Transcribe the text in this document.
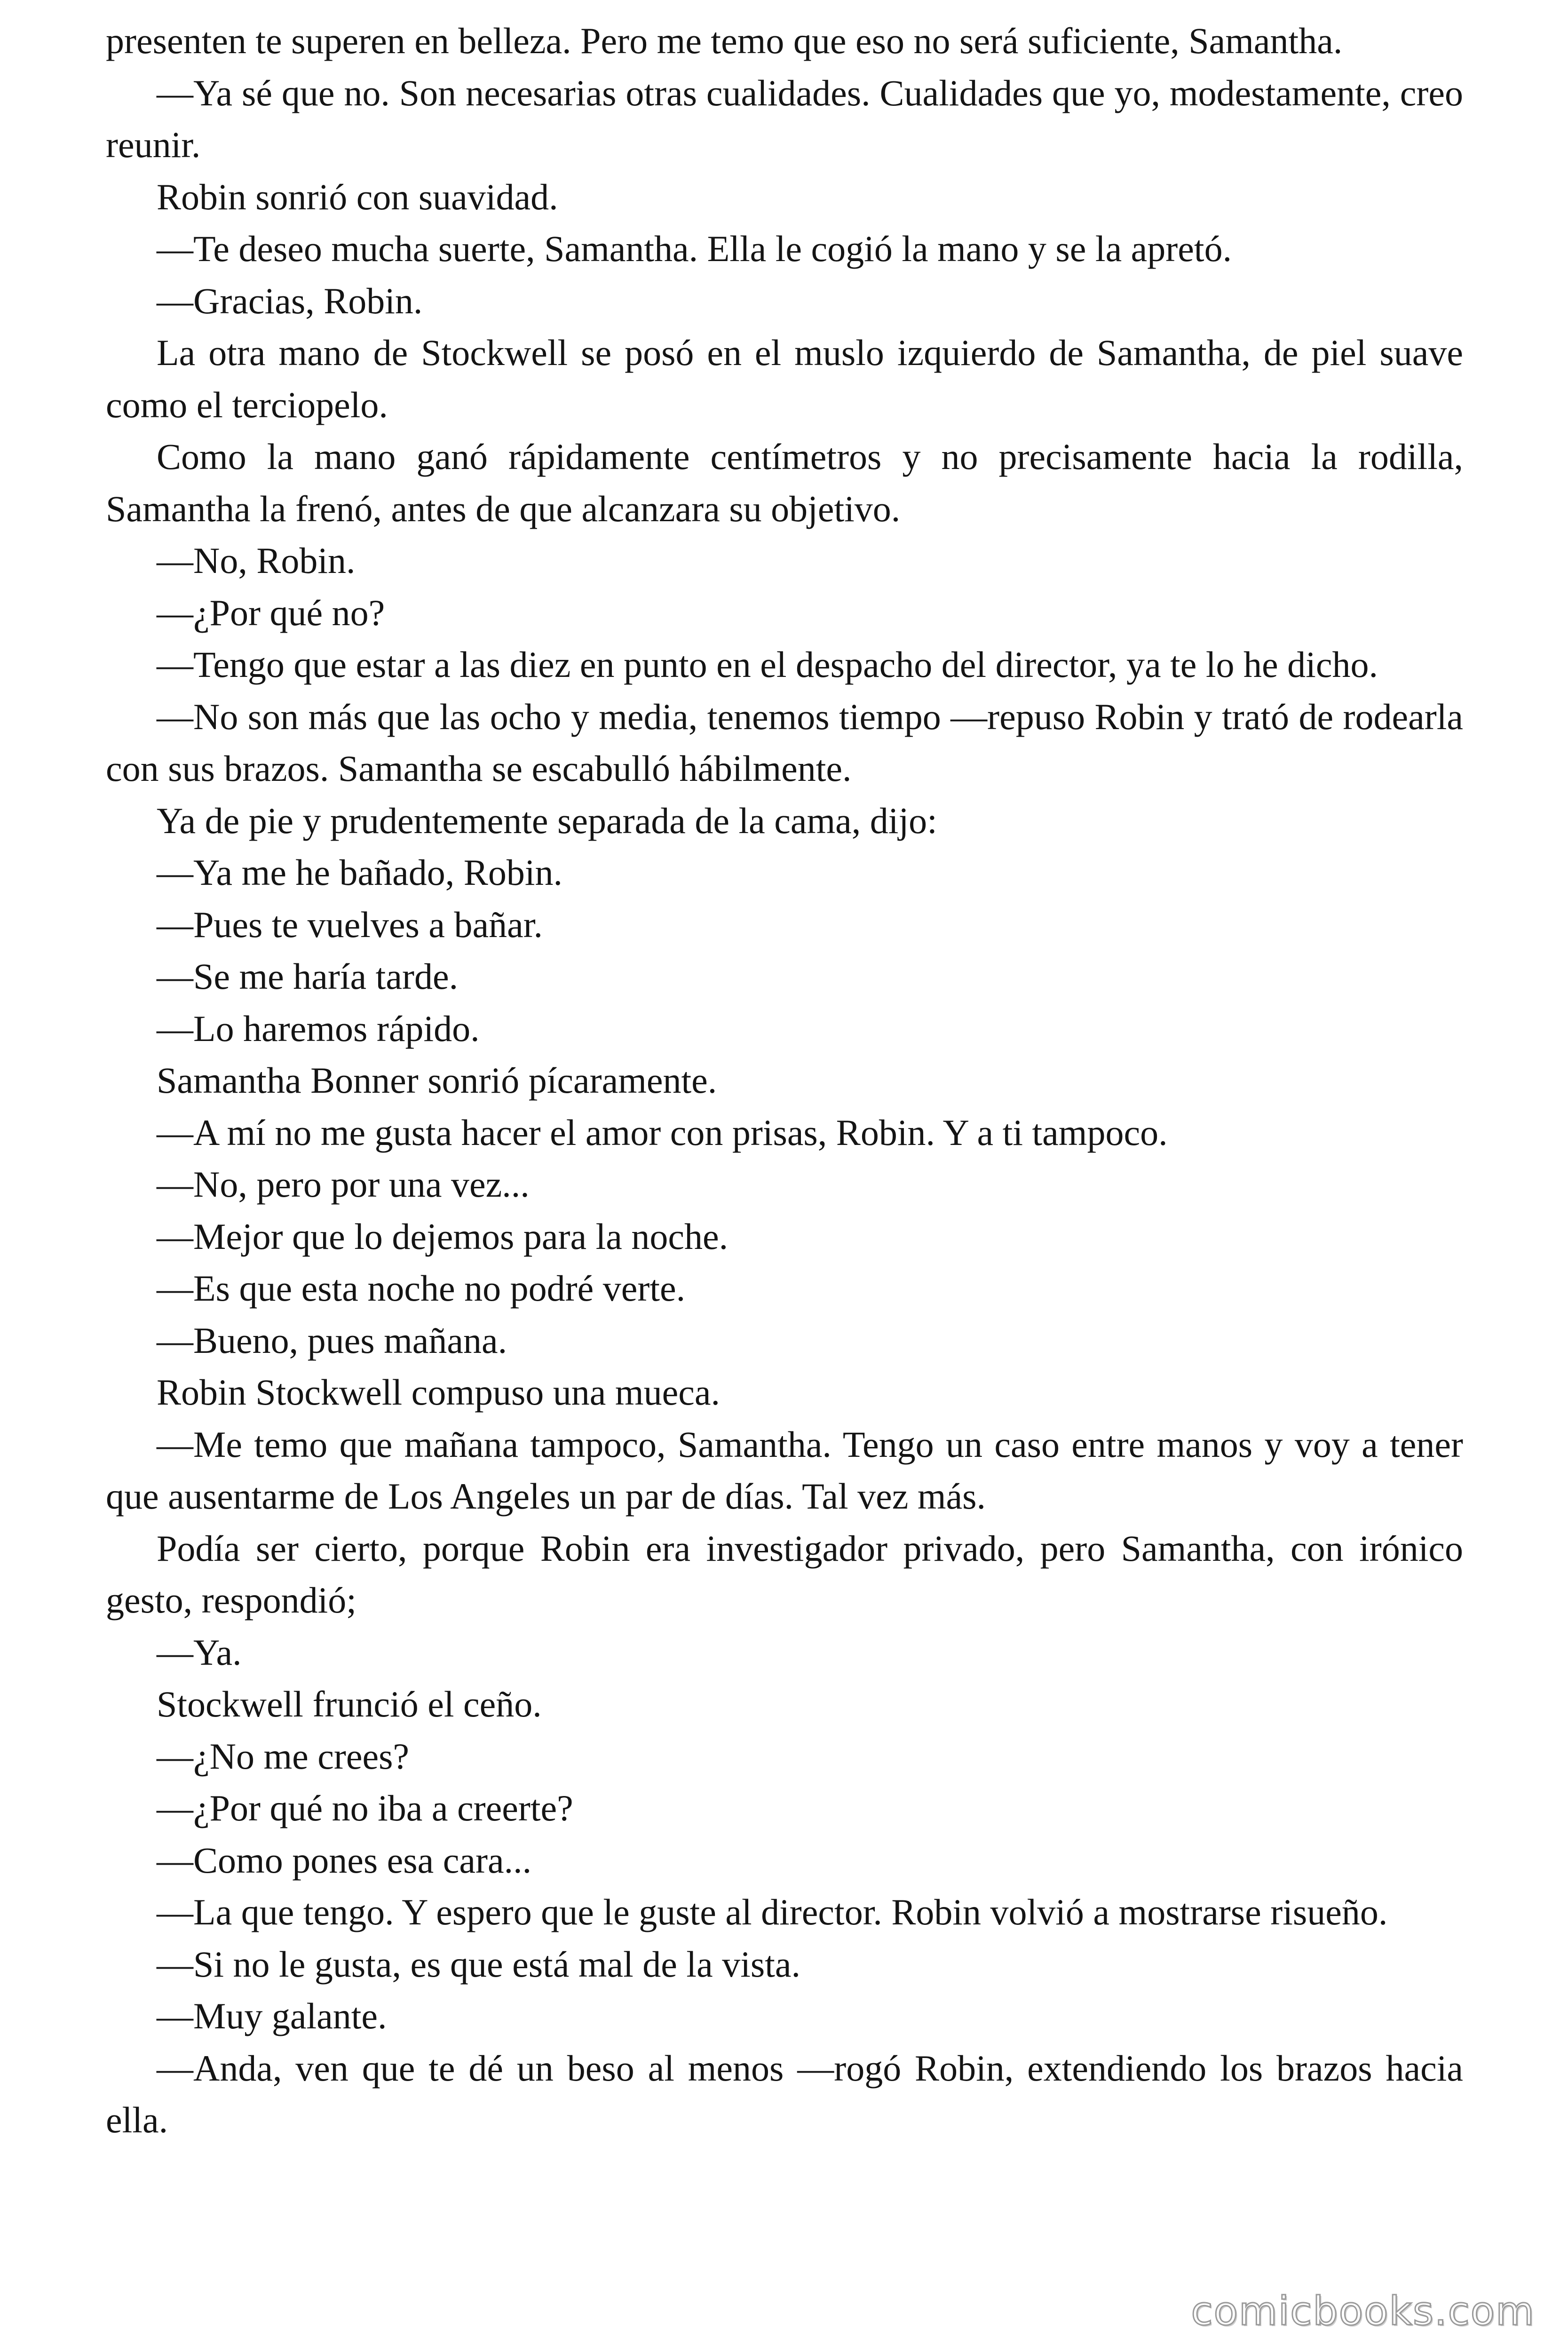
presenten te superen en belleza. Pero me temo que eso no será suficiente, Samantha.

—Ya sé que no. Son necesarias otras cualidades. Cualidades que yo, modestamente, creo reunir.

Robin sonrió con suavidad.

—Te deseo mucha suerte, Samantha. Ella le cogió la mano y se la apretó.

—Gracias, Robin.

La otra mano de Stockwell se posó en el muslo izquierdo de Samantha, de piel suave como el terciopelo.

Como la mano ganó rápidamente centímetros y no precisamente hacia la rodilla, Samantha la frenó, antes de que alcanzara su objetivo.

—No, Robin.

—¿Por qué no?

—Tengo que estar a las diez en punto en el despacho del director, ya te lo he dicho.

—No son más que las ocho y media, tenemos tiempo —repuso Robin y trató de rodearla con sus brazos. Samantha se escabulló hábilmente.

Ya de pie y prudentemente separada de la cama, dijo:

—Ya me he bañado, Robin.

—Pues te vuelves a bañar.

—Se me haría tarde.

—Lo haremos rápido.

Samantha Bonner sonrió pícaramente.

—A mí no me gusta hacer el amor con prisas, Robin. Y a ti tampoco.

—No, pero por una vez...

—Mejor que lo dejemos para la noche.

—Es que esta noche no podré verte.

—Bueno, pues mañana.

Robin Stockwell compuso una mueca.

—Me temo que mañana tampoco, Samantha. Tengo un caso entre manos y voy a tener que ausentarme de Los Angeles un par de días. Tal vez más.

Podía ser cierto, porque Robin era investigador privado, pero Samantha, con irónico gesto, respondió;

—Ya.

Stockwell frunció el ceño.

—¿No me crees?

—¿Por qué no iba a creerte?

—Como pones esa cara...

—La que tengo. Y espero que le guste al director. Robin volvió a mostrarse risueño.

—Si no le gusta, es que está mal de la vista.

—Muy galante.

—Anda, ven que te dé un beso al menos —rogó Robin, extendiendo los brazos hacia ella.

comicbooks.com
